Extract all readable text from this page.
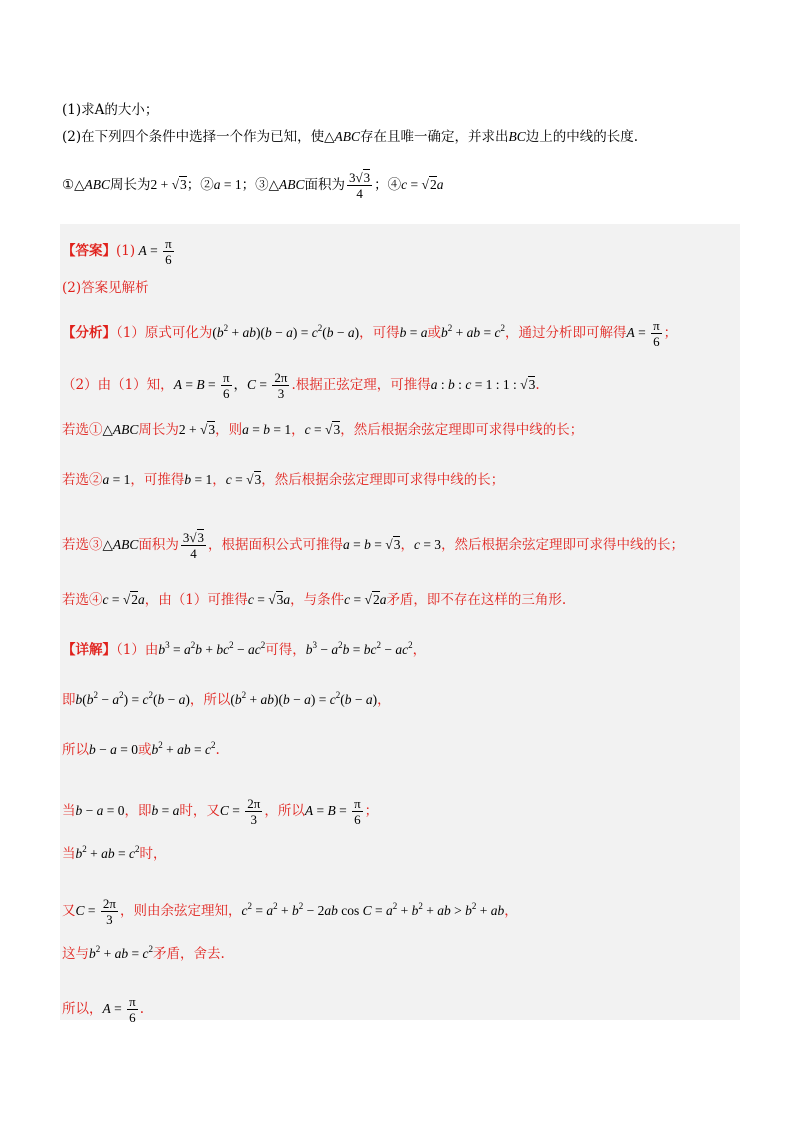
(1)求A的大小；
(2)在下列四个条件中选择一个作为已知，使△ABC存在且唯一确定，并求出BC边上的中线的长度.
①△ABC周长为2 + √3；②a = 1；③△ABC面积为 $\frac{3√3}{4}$ ；④c = √2a
【答案】(1) $A = \frac{\pi}{6}$
(2)答案见解析
【分析】（1）原式可化为$(b^2 + ab)(b - a) = c^2(b - a)$，可得b = a或$b^2$ + ab = $c^2$，通过分析即可解得$A = \frac{\pi}{6}$ ；
（2）由（1）知，$A = B = \frac{\pi}{6}$ ，$C = \frac{2\pi}{3}$ .根据正弦定理，可推得a : b : c = 1 : 1 : √3.
若选①△ABC周长为2 + √3，则a = b = 1，c = √3，然后根据余弦定理即可求得中线的长；
若选②a = 1，可推得b = 1，c = √3，然后根据余弦定理即可求得中线的长；
若选③△ABC面积为 $\frac{3√3}{4}$ ，根据面积公式可推得a = b = √3，c = 3，然后根据余弦定理即可求得中线的长；
若选④c = √2a，由（1）可推得c = √3a，与条件c = √2a矛盾，即不存在这样的三角形.
【详解】（1）由$b^3 = a^2b + bc^2 - ac^2$可得，$b^3 - a^2b = bc^2 - ac^2$，
即$b(b^2 - a^2) = c^2(b - a)$，所以$(b^2 + ab)(b - a) = c^2(b - a)$，
所以b − a = 0或$b^2$ + ab = $c^2$.
当b − a = 0，即b = a时，又$C = \frac{2\pi}{3}$ ，所以$A = B = \frac{\pi}{6}$ ；
当$b^2$ + ab = $c^2$时，
又$C = \frac{2\pi}{3}$ ，则由余弦定理知，$c^2 = a^2 + b^2 - 2ab$ $\cos C = a^2 + b^2$ + ab > $b^2$ + ab，
这与$b^2$ + ab = $c^2$矛盾，舍去.
所以，$A = \frac{\pi}{6}$ .
